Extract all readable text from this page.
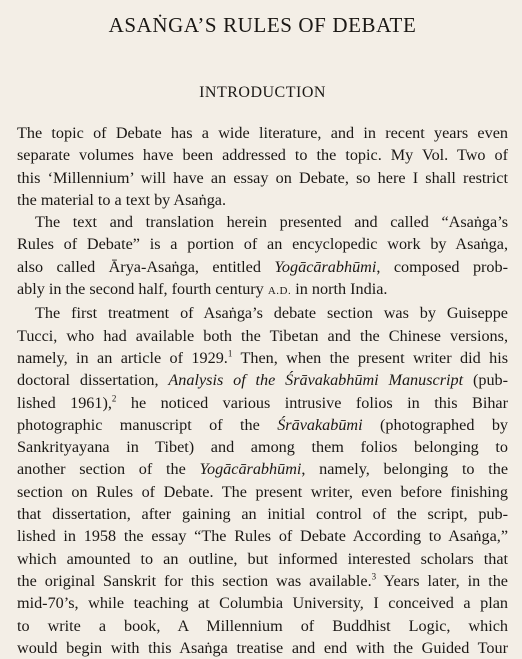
ASAṄGA’S RULES OF DEBATE
INTRODUCTION

The topic of Debate has a wide literature, and in recent years even
separate volumes have been addressed to the topic. My Vol. Two of
this ‘Millennium’ will have an essay on Debate, so here I shall restrict
the material to a text by Asaṅga.

The text and translation herein presented and called “Asaṅga’s
Rules of Debate” is a portion of an encyclopedic work by Asaṅga,
also called Ārya-Asaṅga, entitled Yogācārabhūmi, composed prob-
ably in the second half, fourth century A.D. in north India.

The first treatment of Asaṅga’s debate section was by Guiseppe
Tucci, who had available both the Tibetan and the Chinese versions,
namely, in an article of 1929.$^1$ Then, when the present writer did his
doctoral dissertation, Analysis of the Śrāvakabhūmi Manuscript (pub-
lished 1961),$^2$ he noticed various intrusive folios in this Bihar
photographic manuscript of the Śrāvakabūmi (photographed by
Sankrityayana in Tibet) and among them folios belonging to
another section of the Yogācārabhūmi, namely, belonging to the
section on Rules of Debate. The present writer, even before finishing
that dissertation, after gaining an initial control of the script, pub-
lished in 1958 the essay “The Rules of Debate According to Asaṅga,”
which amounted to an outline, but informed interested scholars that
the original Sanskrit for this section was available.$^3$ Years later, in the
mid-70’s, while teaching at Columbia University, I conceived a plan
to write a book, A Millennium of Buddhist Logic, which
would begin with this Asaṅga treatise and end with the Guided Tour
